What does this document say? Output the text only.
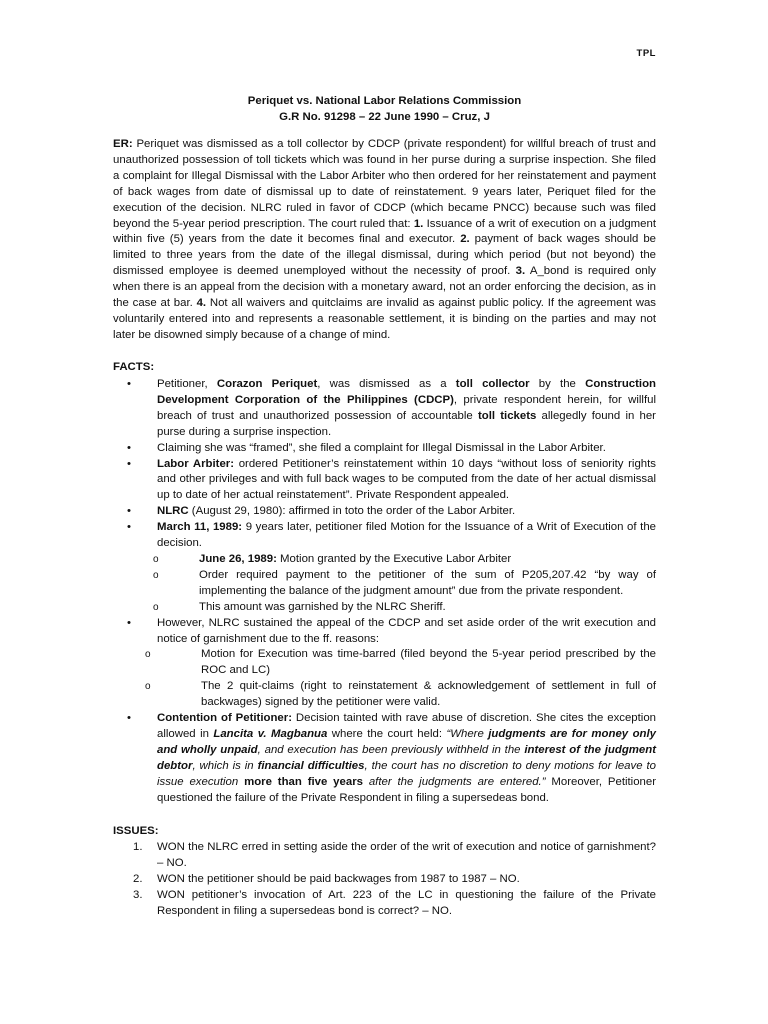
TPL
Periquet vs. National Labor Relations Commission
G.R No. 91298 – 22 June 1990 – Cruz, J

ER: Periquet was dismissed as a toll collector by CDCP (private respondent) for willful breach of trust and unauthorized possession of toll tickets which was found in her purse during a surprise inspection. She filed a complaint for Illegal Dismissal with the Labor Arbiter who then ordered for her reinstatement and payment of back wages from date of dismissal up to date of reinstatement. 9 years later, Periquet filed for the execution of the decision. NLRC ruled in favor of CDCP (which became PNCC) because such was filed beyond the 5-year period prescription. The court ruled that: 1. Issuance of a writ of execution on a judgment within five (5) years from the date it becomes final and executor. 2. payment of back wages should be limited to three years from the date of the illegal dismissal, during which period (but not beyond) the dismissed employee is deemed unemployed without the necessity of proof. 3. A_bond is required only when there is an appeal from the decision with a monetary award, not an order enforcing the decision, as in the case at bar. 4. Not all waivers and quitclaims are invalid as against public policy. If the agreement was voluntarily entered into and represents a reasonable settlement, it is binding on the parties and may not later be disowned simply because of a change of mind.

FACTS:
• Petitioner, Corazon Periquet, was dismissed as a toll collector by the Construction Development Corporation of the Philippines (CDCP), private respondent herein, for willful breach of trust and unauthorized possession of accountable toll tickets allegedly found in her purse during a surprise inspection.
• Claiming she was “framed”, she filed a complaint for Illegal Dismissal in the Labor Arbiter.
• Labor Arbiter: ordered Petitioner’s reinstatement within 10 days “without loss of seniority rights and other privileges and with full back wages to be computed from the date of her actual dismissal up to date of her actual reinstatement”. Private Respondent appealed.
• NLRC (August 29, 1980): affirmed in toto the order of the Labor Arbiter.
• March 11, 1989: 9 years later, petitioner filed Motion for the Issuance of a Writ of Execution of the decision.
o	June 26, 1989: Motion granted by the Executive Labor Arbiter
o	Order required payment to the petitioner of the sum of P205,207.42 “by way of implementing the balance of the judgment amount” due from the private respondent.
o	This amount was garnished by the NLRC Sheriff.
• However, NLRC sustained the appeal of the CDCP and set aside order of the writ execution and notice of garnishment due to the ff. reasons:
o	Motion for Execution was time-barred (filed beyond the 5-year period prescribed by the ROC and LC)
o	The 2 quit-claims (right to reinstatement & acknowledgement of settlement in full of backwages) signed by the petitioner were valid.
• Contention of Petitioner: Decision tainted with rave abuse of discretion. She cites the exception allowed in Lancita v. Magbanua where the court held: “Where judgments are for money only and wholly unpaid, and execution has been previously withheld in the interest of the judgment debtor, which is in financial difficulties, the court has no discretion to deny motions for leave to issue execution more than five years after the judgments are entered.” Moreover, Petitioner questioned the failure of the Private Respondent in filing a supersedeas bond.
ISSUES:
1. WON the NLRC erred in setting aside the order of the writ of execution and notice of garnishment? – NO.
2. WON the petitioner should be paid backwages from 1987 to 1987 – NO.
3. WON petitioner’s invocation of Art. 223 of the LC in questioning the failure of the Private Respondent in filing a supersedeas bond is correct? – NO.
